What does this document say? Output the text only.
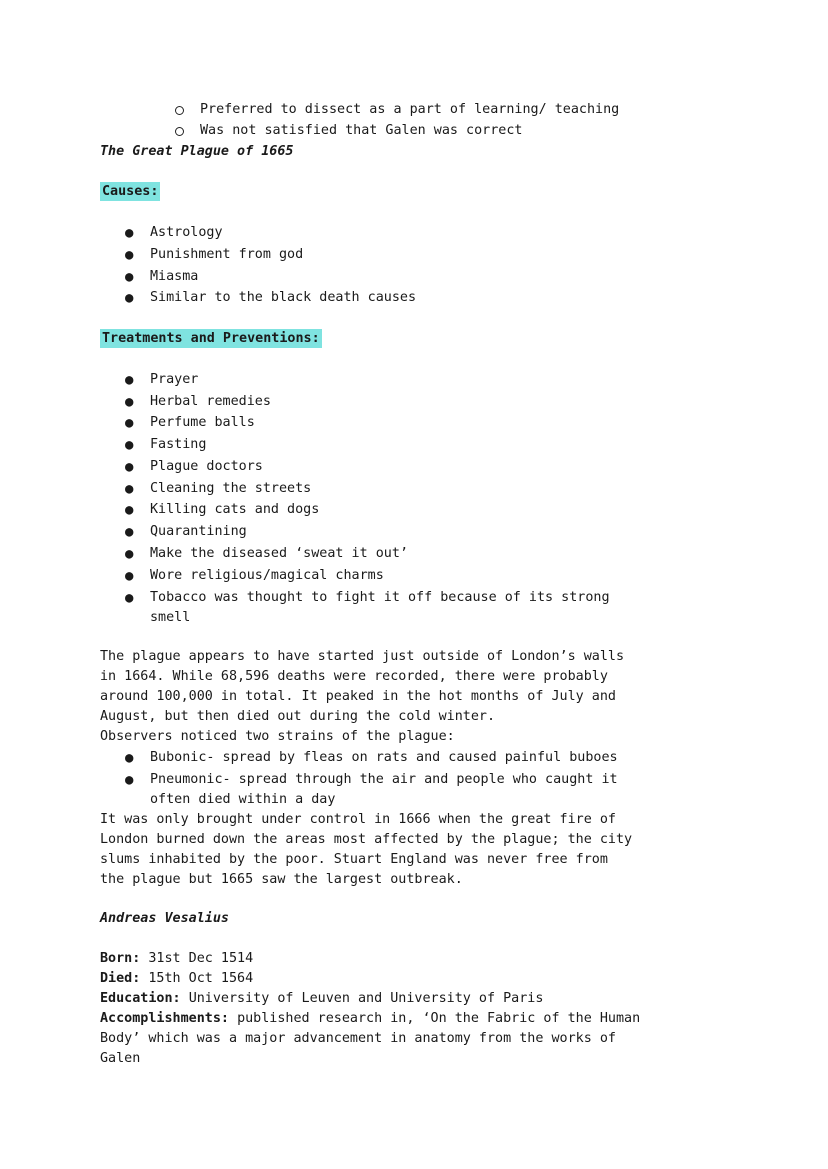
Preferred to dissect as a part of learning/ teaching
Was not satisfied that Galen was correct
The Great Plague of 1665
Causes:
● Astrology
● Punishment from god
● Miasma
● Similar to the black death causes
Treatments and Preventions:
● Prayer
● Herbal remedies
● Perfume balls
● Fasting
● Plague doctors
● Cleaning the streets
● Killing cats and dogs
● Quarantining
● Make the diseased ‘sweat it out’
● Wore religious/magical charms
● Tobacco was thought to fight it off because of its strong
smell
The plague appears to have started just outside of London’s walls
in 1664. While 68,596 deaths were recorded, there were probably
around 100,000 in total. It peaked in the hot months of July and
August, but then died out during the cold winter.
Observers noticed two strains of the plague:
● Bubonic- spread by fleas on rats and caused painful buboes
● Pneumonic- spread through the air and people who caught it
often died within a day
It was only brought under control in 1666 when the great fire of
London burned down the areas most affected by the plague; the city
slums inhabited by the poor. Stuart England was never free from
the plague but 1665 saw the largest outbreak.
Andreas Vesalius
Born: 31st Dec 1514
Died: 15th Oct 1564
Education: University of Leuven and University of Paris
Accomplishments: published research in, ‘On the Fabric of the Human
Body’ which was a major advancement in anatomy from the works of
Galen
